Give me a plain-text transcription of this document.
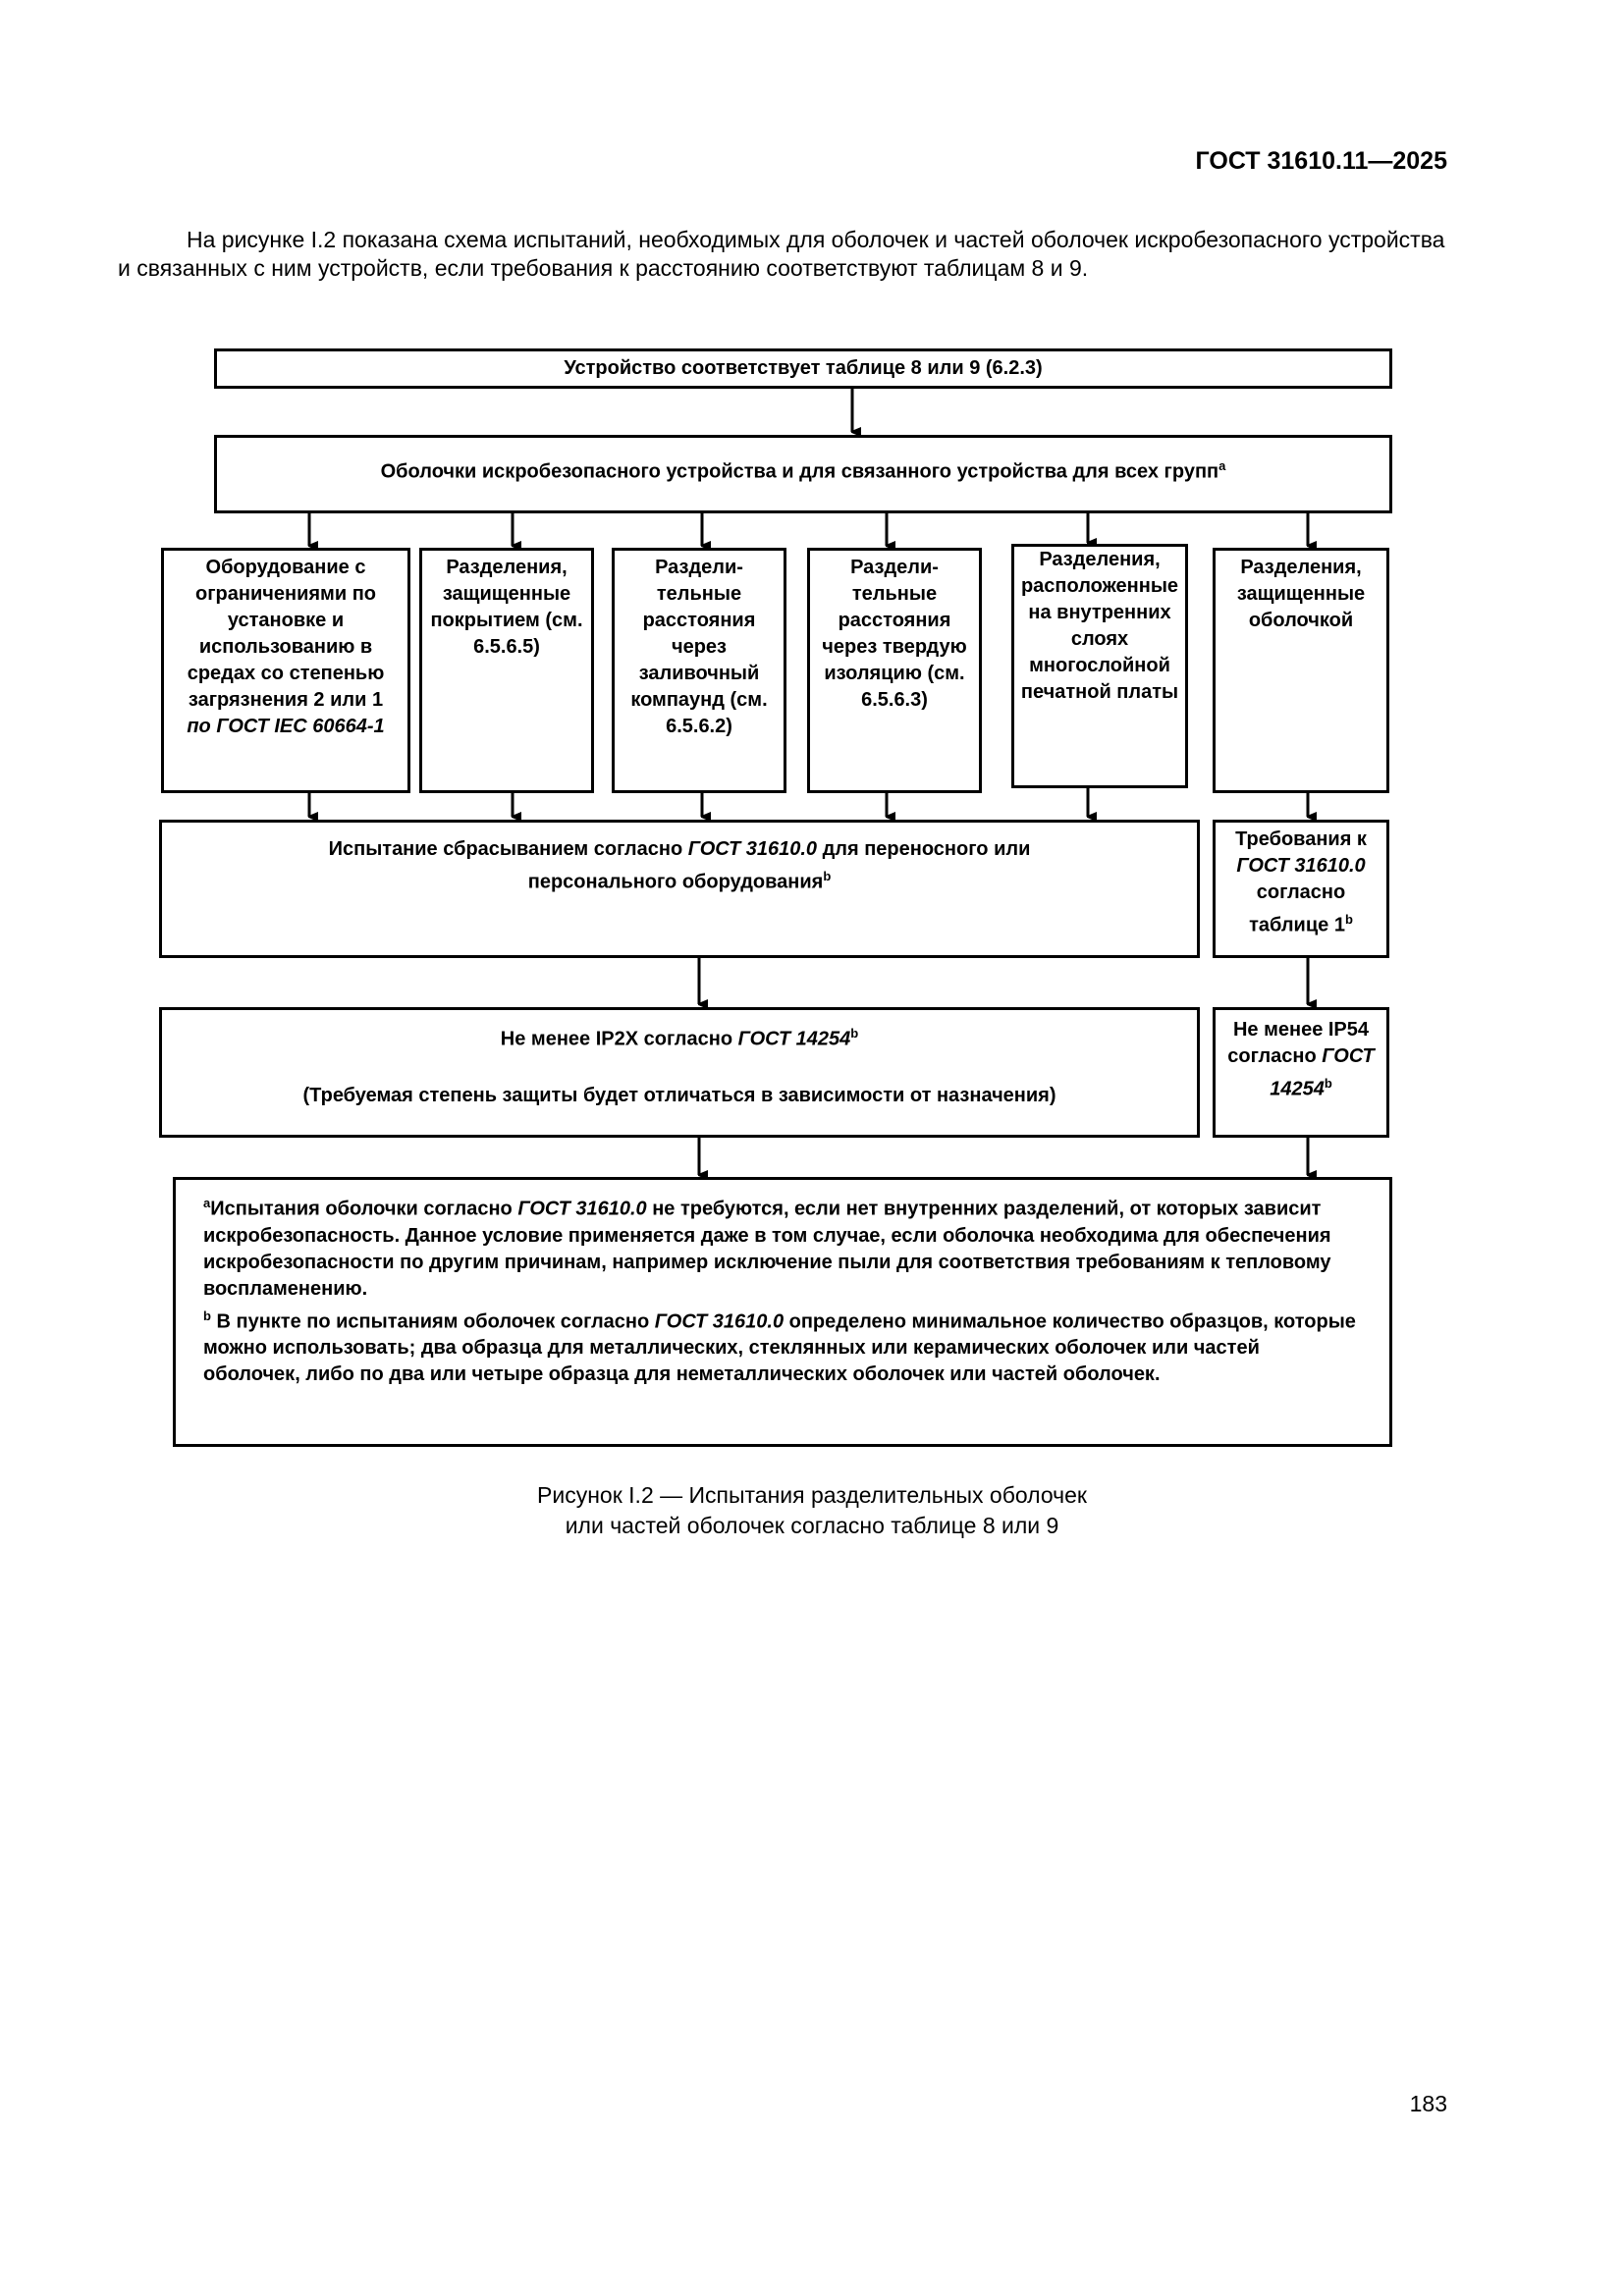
ГОСТ 31610.11—2025
На рисунке I.2 показана схема испытаний, необходимых для оболочек и частей оболочек искробезопасного устройства и связанных с ним устройств, если требования к расстоянию соответствуют таблицам 8 и 9.
Устройство соответствует таблице 8 или 9 (6.2.3)
Оболочки искробезопасного устройства и для связанного устройства для всех групп$^a$
Оборудование с ограничениями по установке и использованию в средах со степенью загрязнения 2 или 1
по ГОСТ IEC 60664-1
Разделения, защищенные покрытием (см. 6.5.6.5)
Раздели-тельные расстояния через заливочный компаунд (см. 6.5.6.2)
Раздели-тельные расстояния через твердую изоляцию (см. 6.5.6.3)
Разделения, расположенные на внутренних слоях многослойной печатной платы
Разделения, защищенные оболочкой
Испытание сбрасыванием согласно ГОСТ 31610.0 для переносного или персонального оборудования$^b$
Требования к
ГОСТ 31610.0
согласно таблице 1$^b$
Не менее IP2X согласно ГОСТ 14254$^b$
(Требуемая степень защиты будет отличаться в зависимости от назначения)
Не менее IP54 согласно ГОСТ 14254$^b$

$^a$Испытания оболочки согласно ГОСТ 31610.0 не требуются, если нет внутренних разделений, от которых зависит искробезопасность. Данное условие применяется даже в том случае, если оболочка необходима для обеспечения искробезопасности по другим причинам, например исключение пыли для соответствия требованиям к тепловому воспламенению.

$^b$ В пункте по испытаниям оболочек согласно ГОСТ 31610.0 определено минимальное количество образцов, которые можно использовать; два образца для металлических, стеклянных или керамических оболочек или частей оболочек, либо по два или четыре образца для неметаллических оболочек или частей оболочек.

Рисунок I.2 — Испытания разделительных оболочек
или частей оболочек согласно таблице 8 или 9
183
